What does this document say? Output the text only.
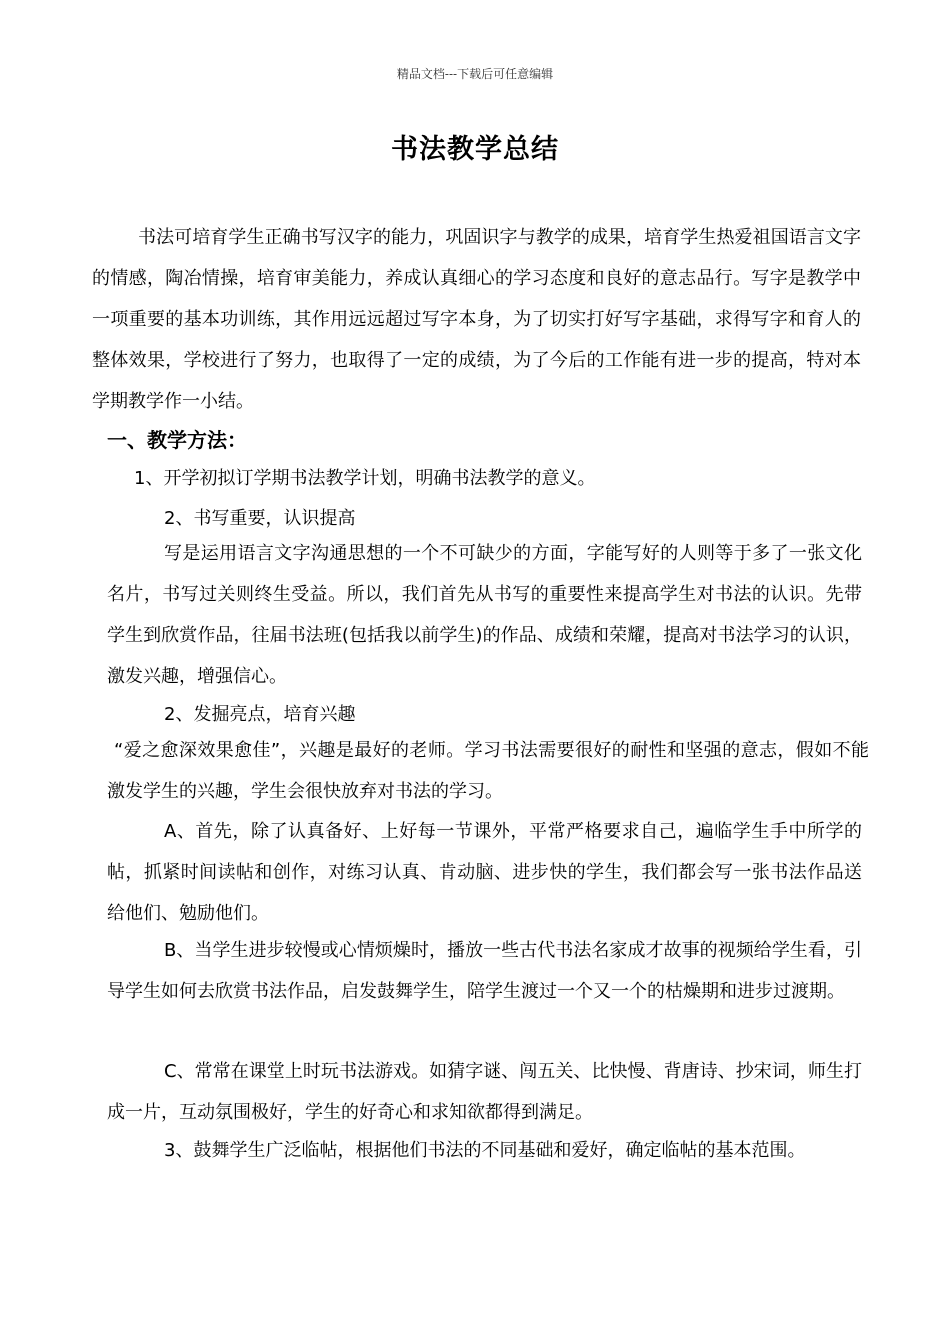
精品文档---下载后可任意编辑
书法教学总结

书法可培育学生正确书写汉字的能力，巩固识字与教学的成果，培育学生热爱祖国语言文字的情感，陶冶情操，培育审美能力，养成认真细心的学习态度和良好的意志品行。写字是教学中一项重要的基本功训练，其作用远远超过写字本身，为了切实打好写字基础，求得写字和育人的整体效果，学校进行了努力，也取得了一定的成绩，为了今后的工作能有进一步的提高，特对本学期教学作一小结。

一、教学方法：

1、开学初拟订学期书法教学计划，明确书法教学的意义。

2、书写重要，认识提高

写是运用语言文字沟通思想的一个不可缺少的方面，字能写好的人则等于多了一张文化名片，书写过关则终生受益。所以，我们首先从书写的重要性来提高学生对书法的认识。先带学生到欣赏作品，往届书法班(包括我以前学生)的作品、成绩和荣耀，提高对书法学习的认识，激发兴趣，增强信心。

2、发掘亮点，培育兴趣

“爱之愈深效果愈佳”，兴趣是最好的老师。学习书法需要很好的耐性和坚强的意志，假如不能激发学生的兴趣，学生会很快放弃对书法的学习。

A、首先，除了认真备好、上好每一节课外，平常严格要求自己，遍临学生手中所学的帖，抓紧时间读帖和创作，对练习认真、肯动脑、进步快的学生，我们都会写一张书法作品送给他们、勉励他们。

B、当学生进步较慢或心情烦燥时，播放一些古代书法名家成才故事的视频给学生看，引导学生如何去欣赏书法作品，启发鼓舞学生，陪学生渡过一个又一个的枯燥期和进步过渡期。

C、常常在课堂上时玩书法游戏。如猜字谜、闯五关、比快慢、背唐诗、抄宋词，师生打成一片，互动氛围极好，学生的好奇心和求知欲都得到满足。

3、鼓舞学生广泛临帖，根据他们书法的不同基础和爱好，确定临帖的基本范围。
